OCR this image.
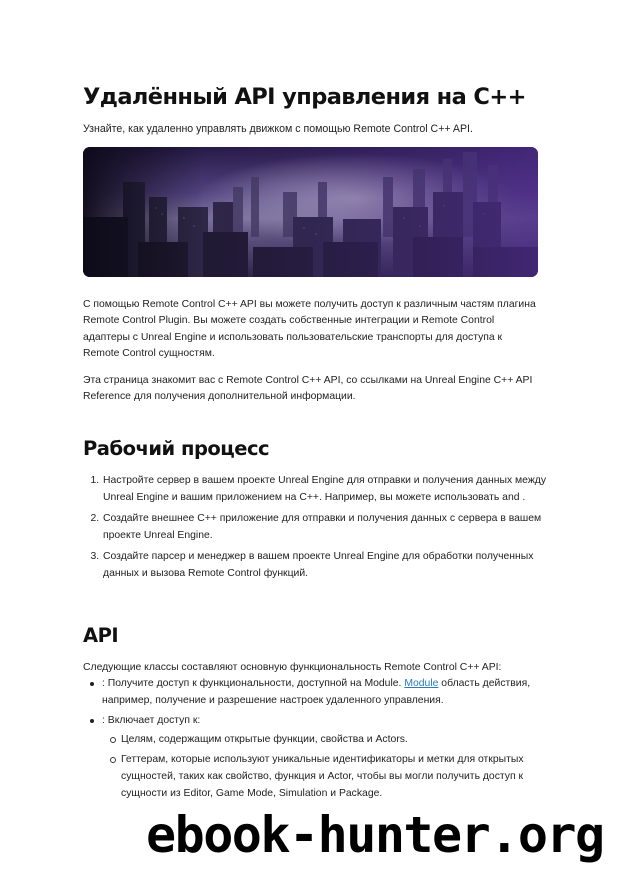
Удалённый API управления на C++

Узнайте, как удаленно управлять движком с помощью Remote Control C++ API.

С помощью Remote Control C++ API вы можете получить доступ к различным частям плагина Remote Control Plugin. Вы можете создать собственные интеграции и Remote Control адаптеры с Unreal Engine и использовать пользовательские транспорты для доступа к Remote Control сущностям.

Эта страница знакомит вас с Remote Control C++ API, со ссылками на Unreal Engine C++ API Reference для получения дополнительной информации.

Рабочий процесс
1. Настройте сервер в вашем проекте Unreal Engine для отправки и получения данных между Unreal Engine и вашим приложением на C++. Например, вы можете использовать and .
2. Создайте внешнее C++ приложение для отправки и получения данных с сервера в вашем проекте Unreal Engine.
3. Создайте парсер и менеджер в вашем проекте Unreal Engine для обработки полученных данных и вызова Remote Control функций.
API

Следующие классы составляют основную функциональность Remote Control C++ API:

: Получите доступ к функциональности, доступной на Module. Module область действия, например, получение и разрешение настроек удаленного управления.
: Включает доступ к:
Целям, содержащим открытые функции, свойства и Actors.
Геттерам, которые используют уникальные идентификаторы и метки для открытых сущностей, таких как свойство, функция и Actor, чтобы вы могли получить доступ к сущности из Editor, Game Mode, Simulation и Package.
ebook-hunter.org
